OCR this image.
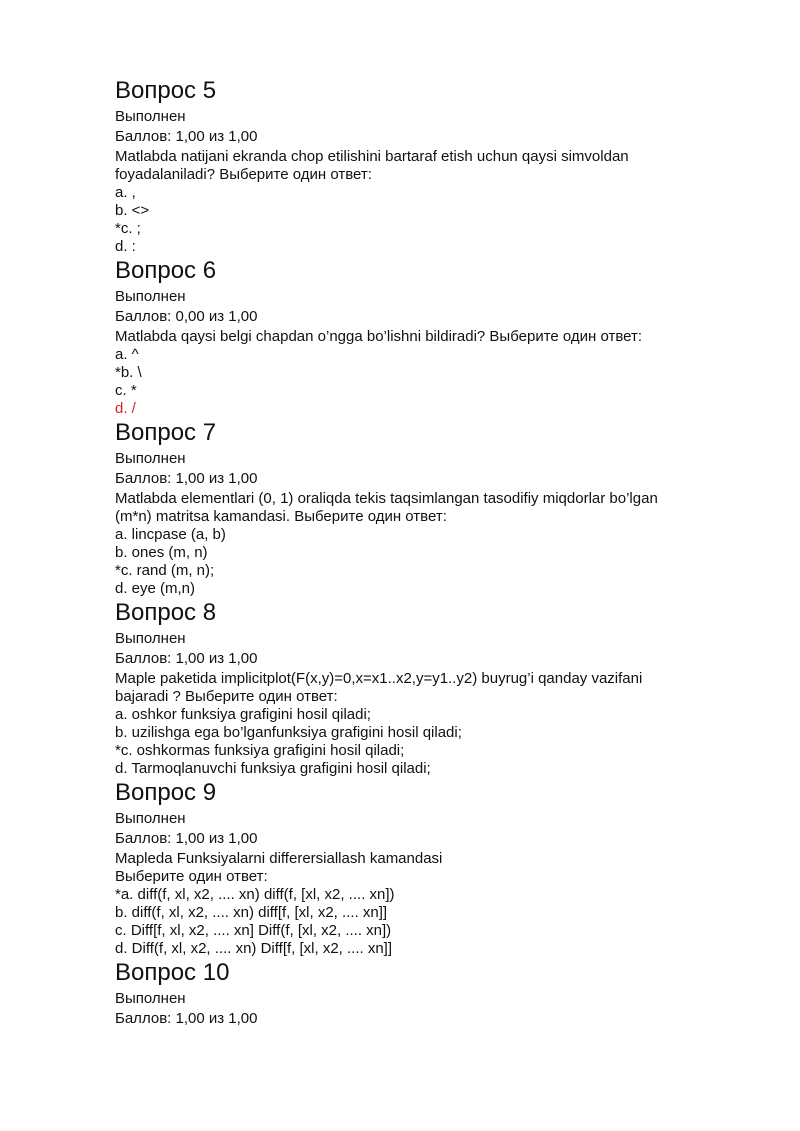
Вопрос 5
Выполнен
Баллов: 1,00 из 1,00
Matlabda natijani ekranda chop etilishini bartaraf etish uchun qaysi simvoldan
foyadalaniladi? Выберите один ответ:
a. ,
b. <>
*c. ;
d. :
Вопрос 6
Выполнен
Баллов: 0,00 из 1,00
Matlabda qaysi belgi chapdan o’ngga bo’lishni bildiradi? Выберите один ответ:
a. ^
*b. \
c. *
d. /
Вопрос 7
Выполнен
Баллов: 1,00 из 1,00
Matlabda elementlari (0, 1) oraliqda tekis taqsimlangan tasodifiy miqdorlar bo’lgan
(m*n) matritsa kamandasi. Выберите один ответ:
a. lincpase (a, b)
b. ones (m, n)
*c. rand (m, n);
d. eye (m,n)
Вопрос 8
Выполнен
Баллов: 1,00 из 1,00
Maple paketida implicitplot(F(x,y)=0,x=x1..x2,y=y1..y2) buyrug’i qanday vazifani
bajaradi ? Выберите один ответ:
a. oshkor funksiya grafigini hosil qiladi;
b. uzilishga ega bo’lganfunksiya grafigini hosil qiladi;
*c. oshkormas funksiya grafigini hosil qiladi;
d. Tarmoqlanuvchi funksiya grafigini hosil qiladi;
Вопрос 9
Выполнен
Баллов: 1,00 из 1,00
Mapleda Funksiyalarni differersiallash kamandasi
Выберите один ответ:
*a. diff(f, xl, x2, .... xn) diff(f, [xl, x2, .... xn])
b. diff(f, xl, x2, .... xn) diff[f, [xl, x2, .... xn]]
c. Diff[f, xl, x2, .... xn] Diff(f, [xl, x2, .... xn])
d. Diff(f, xl, x2, .... xn) Diff[f, [xl, x2, .... xn]]
Вопрос 10
Выполнен
Баллов: 1,00 из 1,00
